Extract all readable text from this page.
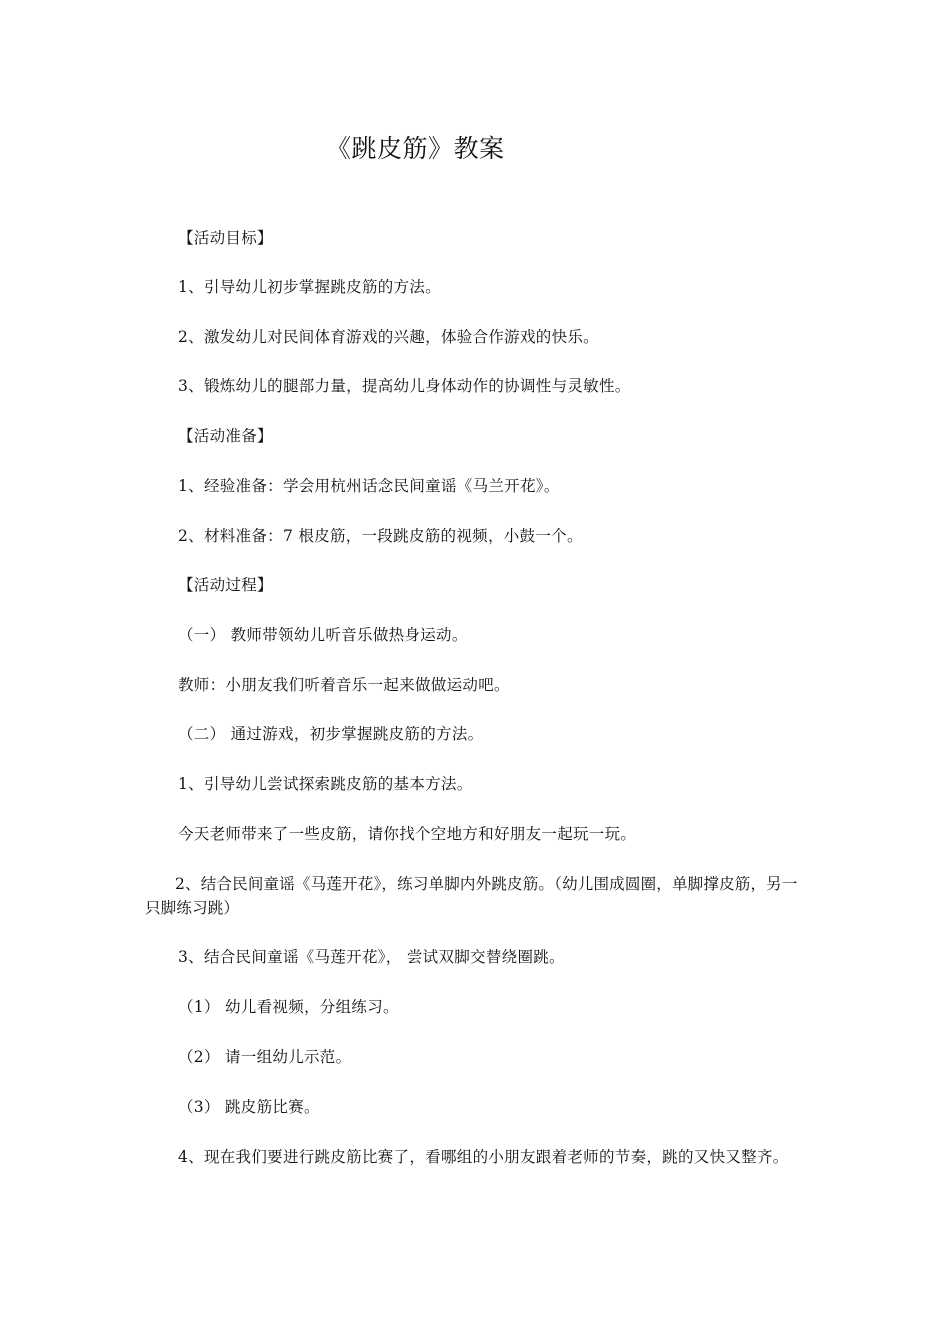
《跳皮筋》教案
【活动目标】
1、引导幼儿初步掌握跳皮筋的方法。
2、激发幼儿对民间体育游戏的兴趣，体验合作游戏的快乐。
3、锻炼幼儿的腿部力量，提高幼儿身体动作的协调性与灵敏性。
【活动准备】
1、经验准备：学会用杭州话念民间童谣《马兰开花》。
2、材料准备：7 根皮筋，一段跳皮筋的视频，小鼓一个。
【活动过程】
（一） 教师带领幼儿听音乐做热身运动。
教师：小朋友我们听着音乐一起来做做运动吧。
（二） 通过游戏，初步掌握跳皮筋的方法。
1、引导幼儿尝试探索跳皮筋的基本方法。
今天老师带来了一些皮筋，请你找个空地方和好朋友一起玩一玩。
2、结合民间童谣《马莲开花》，练习单脚内外跳皮筋。（幼儿围成圆圈，单脚撑皮筋，另一只脚练习跳）
3、结合民间童谣《马莲开花》， 尝试双脚交替绕圈跳。
（1） 幼儿看视频，分组练习。
（2） 请一组幼儿示范。
（3） 跳皮筋比赛。
4、现在我们要进行跳皮筋比赛了，看哪组的小朋友跟着老师的节奏，跳的又快又整齐。
